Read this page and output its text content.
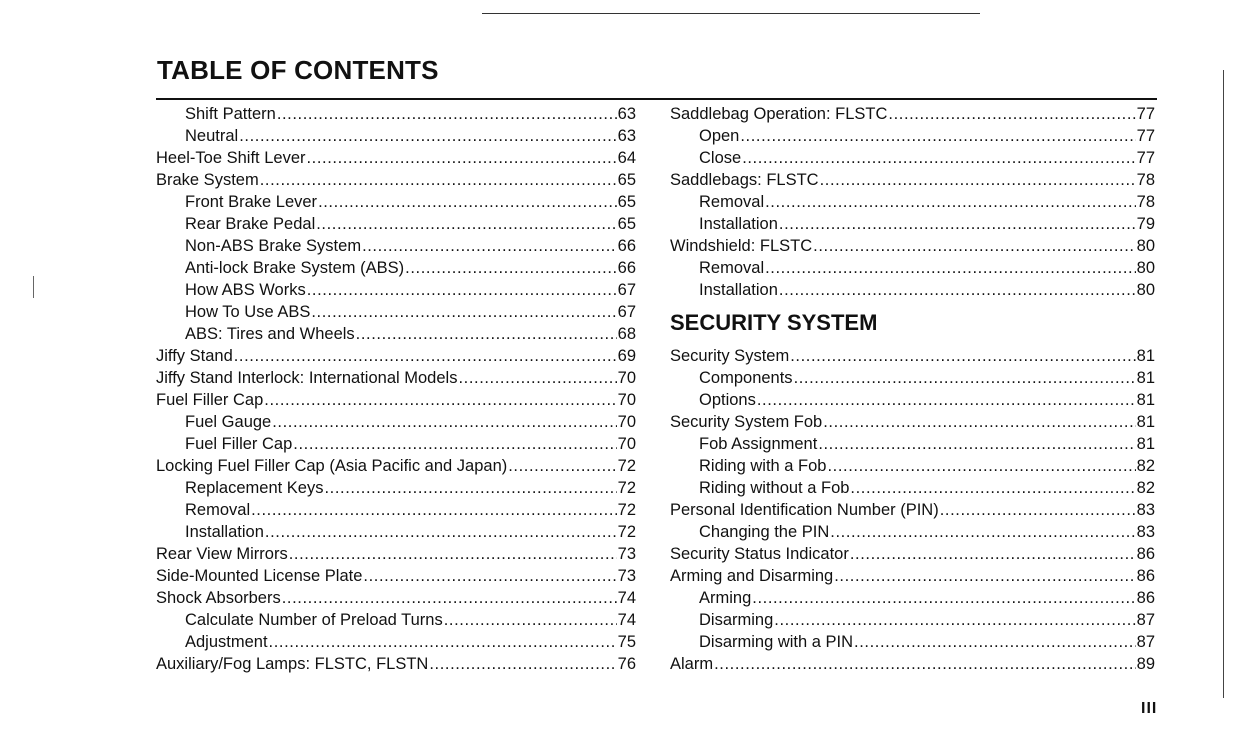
TABLE OF CONTENTS
Shift Pattern .....	63
Neutral .....	63
Heel-Toe Shift Lever .....	64
Brake System .....	65
Front Brake Lever .....	65
Rear Brake Pedal .....	65
Non-ABS Brake System .....	66
Anti-lock Brake System (ABS) .....	66
How ABS Works .....	67
How To Use ABS .....	67
ABS: Tires and Wheels .....	68
Jiffy Stand .....	69
Jiffy Stand Interlock: International Models .....	70
Fuel Filler Cap .....	70
Fuel Gauge .....	70
Fuel Filler Cap .....	70
Locking Fuel Filler Cap (Asia Pacific and Japan) .....	72
Replacement Keys .....	72
Removal .....	72
Installation .....	72
Rear View Mirrors .....	73
Side-Mounted License Plate .....	73
Shock Absorbers .....	74
Calculate Number of Preload Turns .....	74
Adjustment .....	75
Auxiliary/Fog Lamps: FLSTC, FLSTN .....	76
Saddlebag Operation: FLSTC .....	77
Open .....	77
Close .....	77
Saddlebags: FLSTC .....	78
Removal .....	78
Installation .....	79
Windshield: FLSTC .....	80
Removal .....	80
Installation .....	80
SECURITY SYSTEM
Security System .....	81
Components .....	81
Options .....	81
Security System Fob .....	81
Fob Assignment .....	81
Riding with a Fob .....	82
Riding without a Fob .....	82
Personal Identification Number (PIN) .....	83
Changing the PIN .....	83
Security Status Indicator .....	86
Arming and Disarming .....	86
Arming .....	86
Disarming .....	87
Disarming with a PIN .....	87
Alarm .....	89
III
